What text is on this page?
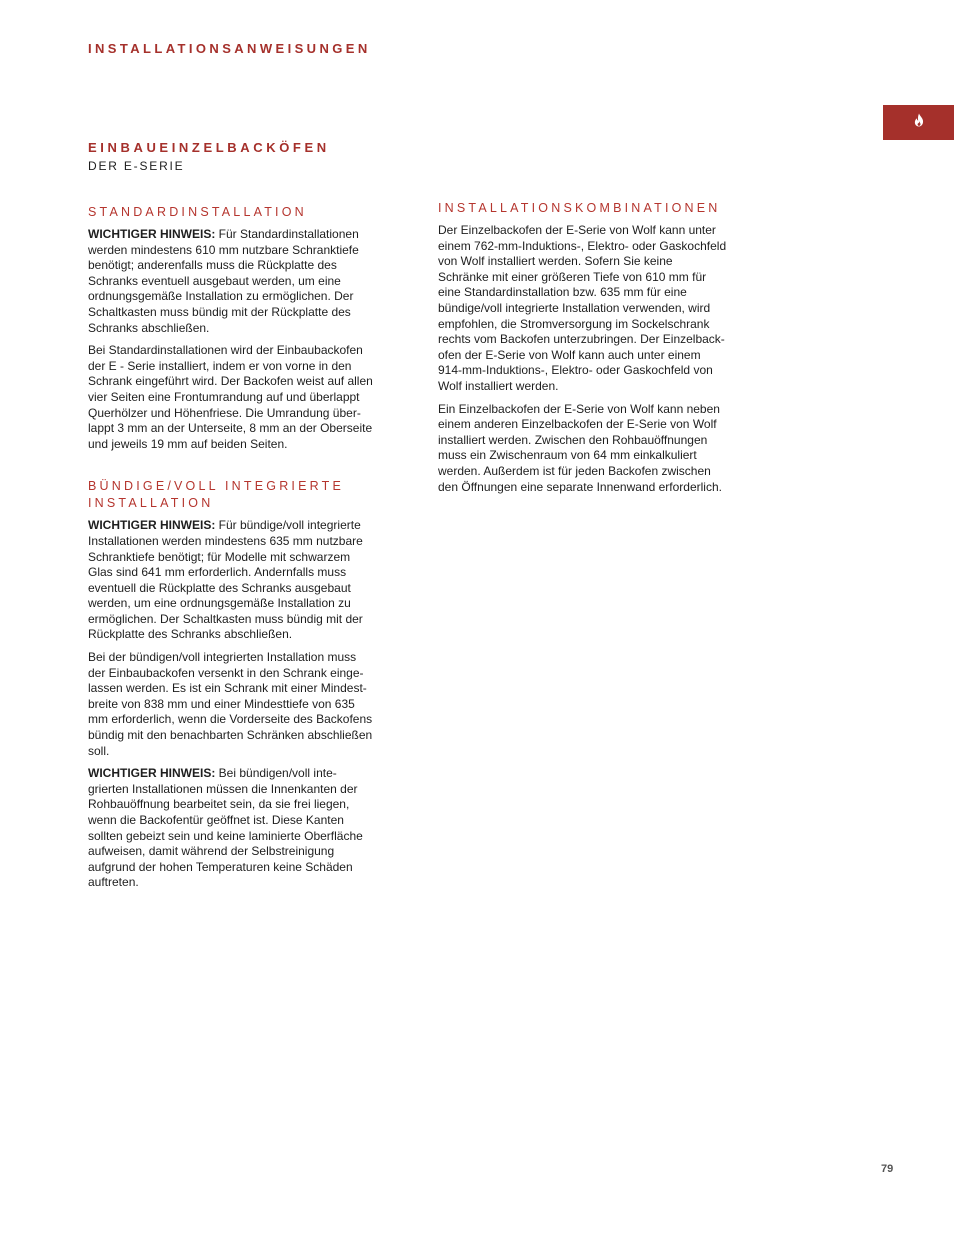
INSTALLATIONSANWEISUNGEN
EINBAUEINZELBACKÖFEN
DER E-SERIE
STANDARDINSTALLATION

WICHTIGER HINWEIS: Für Standardinstallationen
werden mindestens 610 mm nutzbare Schranktiefe
benötigt; anderenfalls muss die Rückplatte des
Schranks eventuell ausgebaut werden, um eine
ordnungsgemäße Installation zu ermöglichen. Der
Schaltkasten muss bündig mit der Rückplatte des
Schranks abschließen.

Bei Standardinstallationen wird der Einbaubackofen
der E - Serie installiert, indem er von vorne in den
Schrank eingeführt wird. Der Backofen weist auf allen
vier Seiten eine Frontumrandung auf und überlappt
Querhölzer und Höhenfriese. Die Umrandung über-
lappt 3 mm an der Unterseite, 8 mm an der Oberseite
und jeweils 19 mm auf beiden Seiten.

BÜNDIGE/VOLL INTEGRIERTE
INSTALLATION

WICHTIGER HINWEIS: Für bündige/voll integrierte
Installationen werden mindestens 635 mm nutzbare
Schranktiefe benötigt; für Modelle mit schwarzem
Glas sind 641 mm erforderlich. Andernfalls muss
eventuell die Rückplatte des Schranks ausgebaut
werden, um eine ordnungsgemäße Installation zu
ermöglichen. Der Schaltkasten muss bündig mit der
Rückplatte des Schranks abschließen.

Bei der bündigen/voll integrierten Installation muss
der Einbaubackofen versenkt in den Schrank einge-
lassen werden. Es ist ein Schrank mit einer Mindest-
breite von 838 mm und einer Mindesttiefe von 635
mm erforderlich, wenn die Vorderseite des Backofens
bündig mit den benachbarten Schränken abschließen
soll.

WICHTIGER HINWEIS: Bei bündigen/voll inte-
grierten Installationen müssen die Innenkanten der
Rohbauöffnung bearbeitet sein, da sie frei liegen,
wenn die Backofentür geöffnet ist. Diese Kanten
sollten gebeizt sein und keine laminierte Oberfläche
aufweisen, damit während der Selbstreinigung
aufgrund der hohen Temperaturen keine Schäden
auftreten.

INSTALLATIONSKOMBINATIONEN

Der Einzelbackofen der E-Serie von Wolf kann unter
einem 762-mm-Induktions-, Elektro- oder Gaskochfeld
von Wolf installiert werden. Sofern Sie keine
Schränke mit einer größeren Tiefe von 610 mm für
eine Standardinstallation bzw. 635 mm für eine
bündige/voll integrierte Installation verwenden, wird
empfohlen, die Stromversorgung im Sockelschrank
rechts vom Backofen unterzubringen. Der Einzelback-
ofen der E-Serie von Wolf kann auch unter einem
914-mm-Induktions-, Elektro- oder Gaskochfeld von
Wolf installiert werden.

Ein Einzelbackofen der E-Serie von Wolf kann neben
einem anderen Einzelbackofen der E-Serie von Wolf
installiert werden. Zwischen den Rohbauöffnungen
muss ein Zwischenraum von 64 mm einkalkuliert
werden. Außerdem ist für jeden Backofen zwischen
den Öffnungen eine separate Innenwand erforderlich.

79
